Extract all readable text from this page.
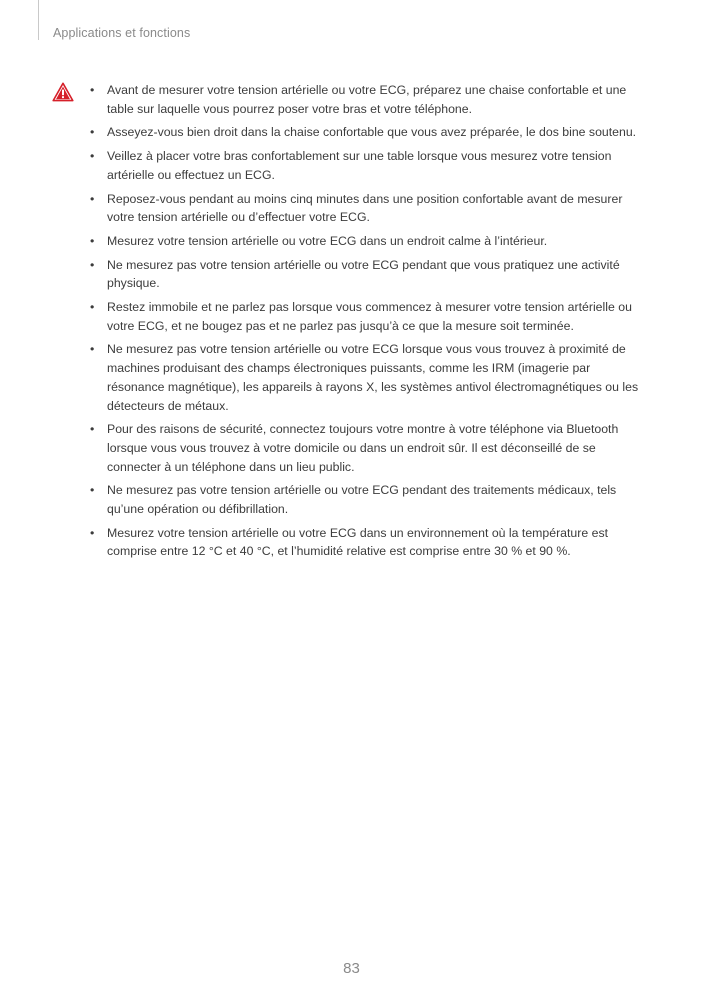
Applications et fonctions
• Avant de mesurer votre tension artérielle ou votre ECG, préparez une chaise confortable et une table sur laquelle vous pourrez poser votre bras et votre téléphone.
• Asseyez-vous bien droit dans la chaise confortable que vous avez préparée, le dos bine soutenu.
• Veillez à placer votre bras confortablement sur une table lorsque vous mesurez votre tension artérielle ou effectuez un ECG.
• Reposez-vous pendant au moins cinq minutes dans une position confortable avant de mesurer votre tension artérielle ou d’effectuer votre ECG.
• Mesurez votre tension artérielle ou votre ECG dans un endroit calme à l’intérieur.
• Ne mesurez pas votre tension artérielle ou votre ECG pendant que vous pratiquez une activité physique.
• Restez immobile et ne parlez pas lorsque vous commencez à mesurer votre tension artérielle ou votre ECG, et ne bougez pas et ne parlez pas jusqu’à ce que la mesure soit terminée.
• Ne mesurez pas votre tension artérielle ou votre ECG lorsque vous vous trouvez à proximité de machines produisant des champs électroniques puissants, comme les IRM (imagerie par résonance magnétique), les appareils à rayons X, les systèmes antivol électromagnétiques ou les détecteurs de métaux.
• Pour des raisons de sécurité, connectez toujours votre montre à votre téléphone via Bluetooth lorsque vous vous trouvez à votre domicile ou dans un endroit sûr. Il est déconseillé de se connecter à un téléphone dans un lieu public.
• Ne mesurez pas votre tension artérielle ou votre ECG pendant des traitements médicaux, tels qu’une opération ou défibrillation.
• Mesurez votre tension artérielle ou votre ECG dans un environnement où la température est comprise entre 12 °C et 40 °C, et l’humidité relative est comprise entre 30 % et 90 %.
83
